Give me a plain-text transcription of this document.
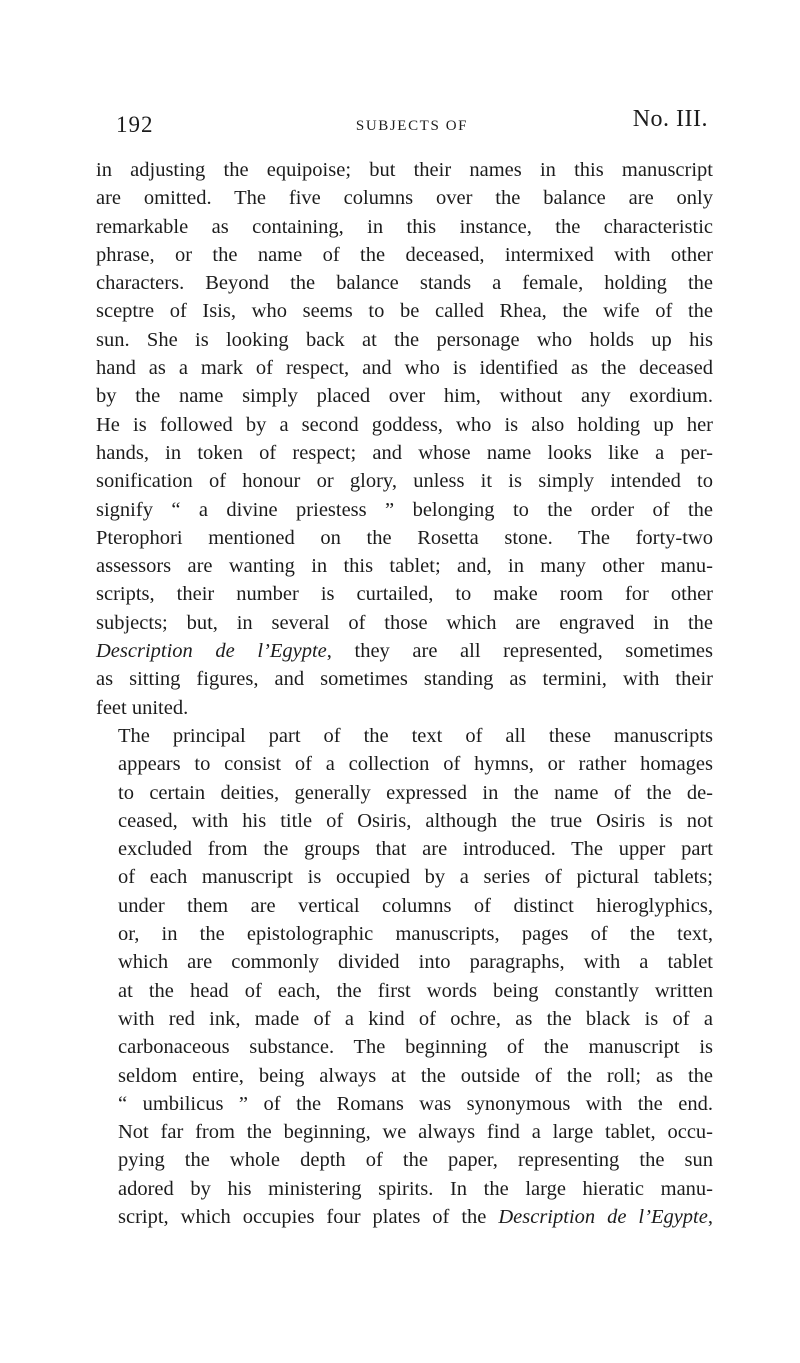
192	SUBJECTS OF	No. III.

in adjusting the equipoise; but their names in this manuscript
are omitted. The five columns over the balance are only
remarkable as containing, in this instance, the characteristic
phrase, or the name of the deceased, intermixed with other
characters. Beyond the balance stands a female, holding the
sceptre of Isis, who seems to be called Rhea, the wife of the
sun. She is looking back at the personage who holds up his
hand as a mark of respect, and who is identified as the deceased
by the name simply placed over him, without any exordium.
He is followed by a second goddess, who is also holding up her
hands, in token of respect; and whose name looks like a per-
sonification of honour or glory, unless it is simply intended to
signify “ a divine priestess ” belonging to the order of the
Pterophori mentioned on the Rosetta stone. The forty-two
assessors are wanting in this tablet; and, in many other manu-
scripts, their number is curtailed, to make room for other
subjects; but, in several of those which are engraved in the
Description de l’Egypte, they are all represented, sometimes
as sitting figures, and sometimes standing as termini, with their
feet united.

The principal part of the text of all these manuscripts
appears to consist of a collection of hymns, or rather homages
to certain deities, generally expressed in the name of the de-
ceased, with his title of Osiris, although the true Osiris is not
excluded from the groups that are introduced. The upper part
of each manuscript is occupied by a series of pictural tablets;
under them are vertical columns of distinct hieroglyphics,
or, in the epistolographic manuscripts, pages of the text,
which are commonly divided into paragraphs, with a tablet
at the head of each, the first words being constantly written
with red ink, made of a kind of ochre, as the black is of a
carbonaceous substance. The beginning of the manuscript is
seldom entire, being always at the outside of the roll; as the
“ umbilicus ” of the Romans was synonymous with the end.
Not far from the beginning, we always find a large tablet, occu-
pying the whole depth of the paper, representing the sun
adored by his ministering spirits. In the large hieratic manu-
script, which occupies four plates of the Description de l’Egypte,
